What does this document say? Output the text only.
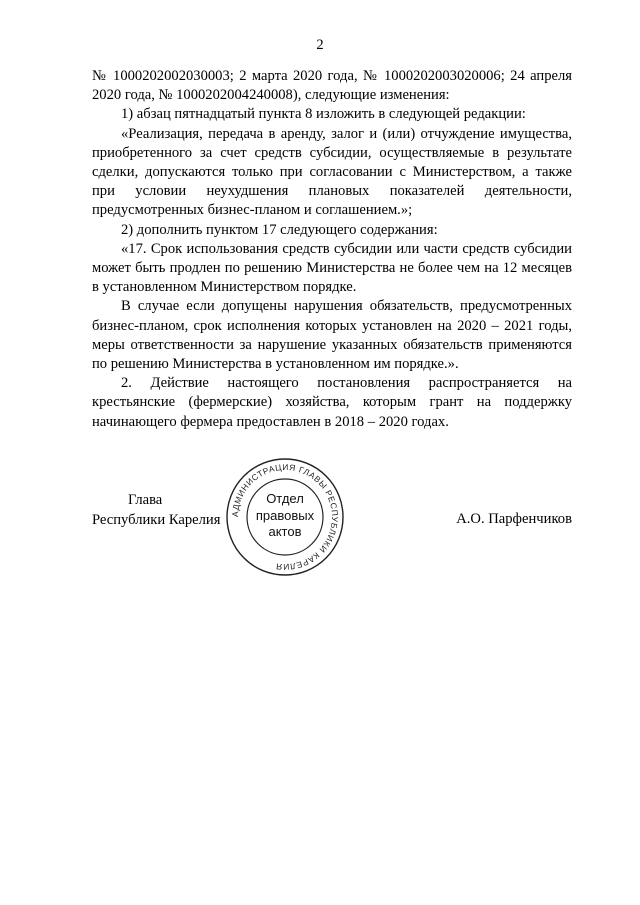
2

№ 1000202002030003; 2 марта 2020 года, № 1000202003020006; 24 апреля 2020 года, № 1000202004240008), следующие изменения:

1) абзац пятнадцатый пункта 8 изложить в следующей редакции:

«Реализация, передача в аренду, залог и (или) отчуждение имущества, приобретенного за счет средств субсидии, осуществляемые в результате сделки, допускаются только при согласовании с Министерством, а также при условии неухудшения плановых показателей деятельности, предусмотренных бизнес-планом и соглашением.»;

2) дополнить пунктом 17 следующего содержания:

«17. Срок использования средств субсидии или части средств субсидии может быть продлен по решению Министерства не более чем на 12 месяцев в установленном Министерством порядке.

В случае если допущены нарушения обязательств, предусмотренных бизнес-планом, срок исполнения которых установлен на 2020 – 2021 годы, меры ответственности за нарушение указанных обязательств применяются по решению Министерства в установленном им порядке.».

2. Действие настоящего постановления распространяется на крестьянские (фермерские) хозяйства, которым грант на поддержку начинающего фермера предоставлен в 2018 – 2020 годах.

Глава
Республики Карелия	АДМИНИСТРАЦИЯ ГЛАВЫ РЕСПУБЛИКИ КАРЕЛИЯ
Отдел
правовых
актов
А.О. Парфенчиков
